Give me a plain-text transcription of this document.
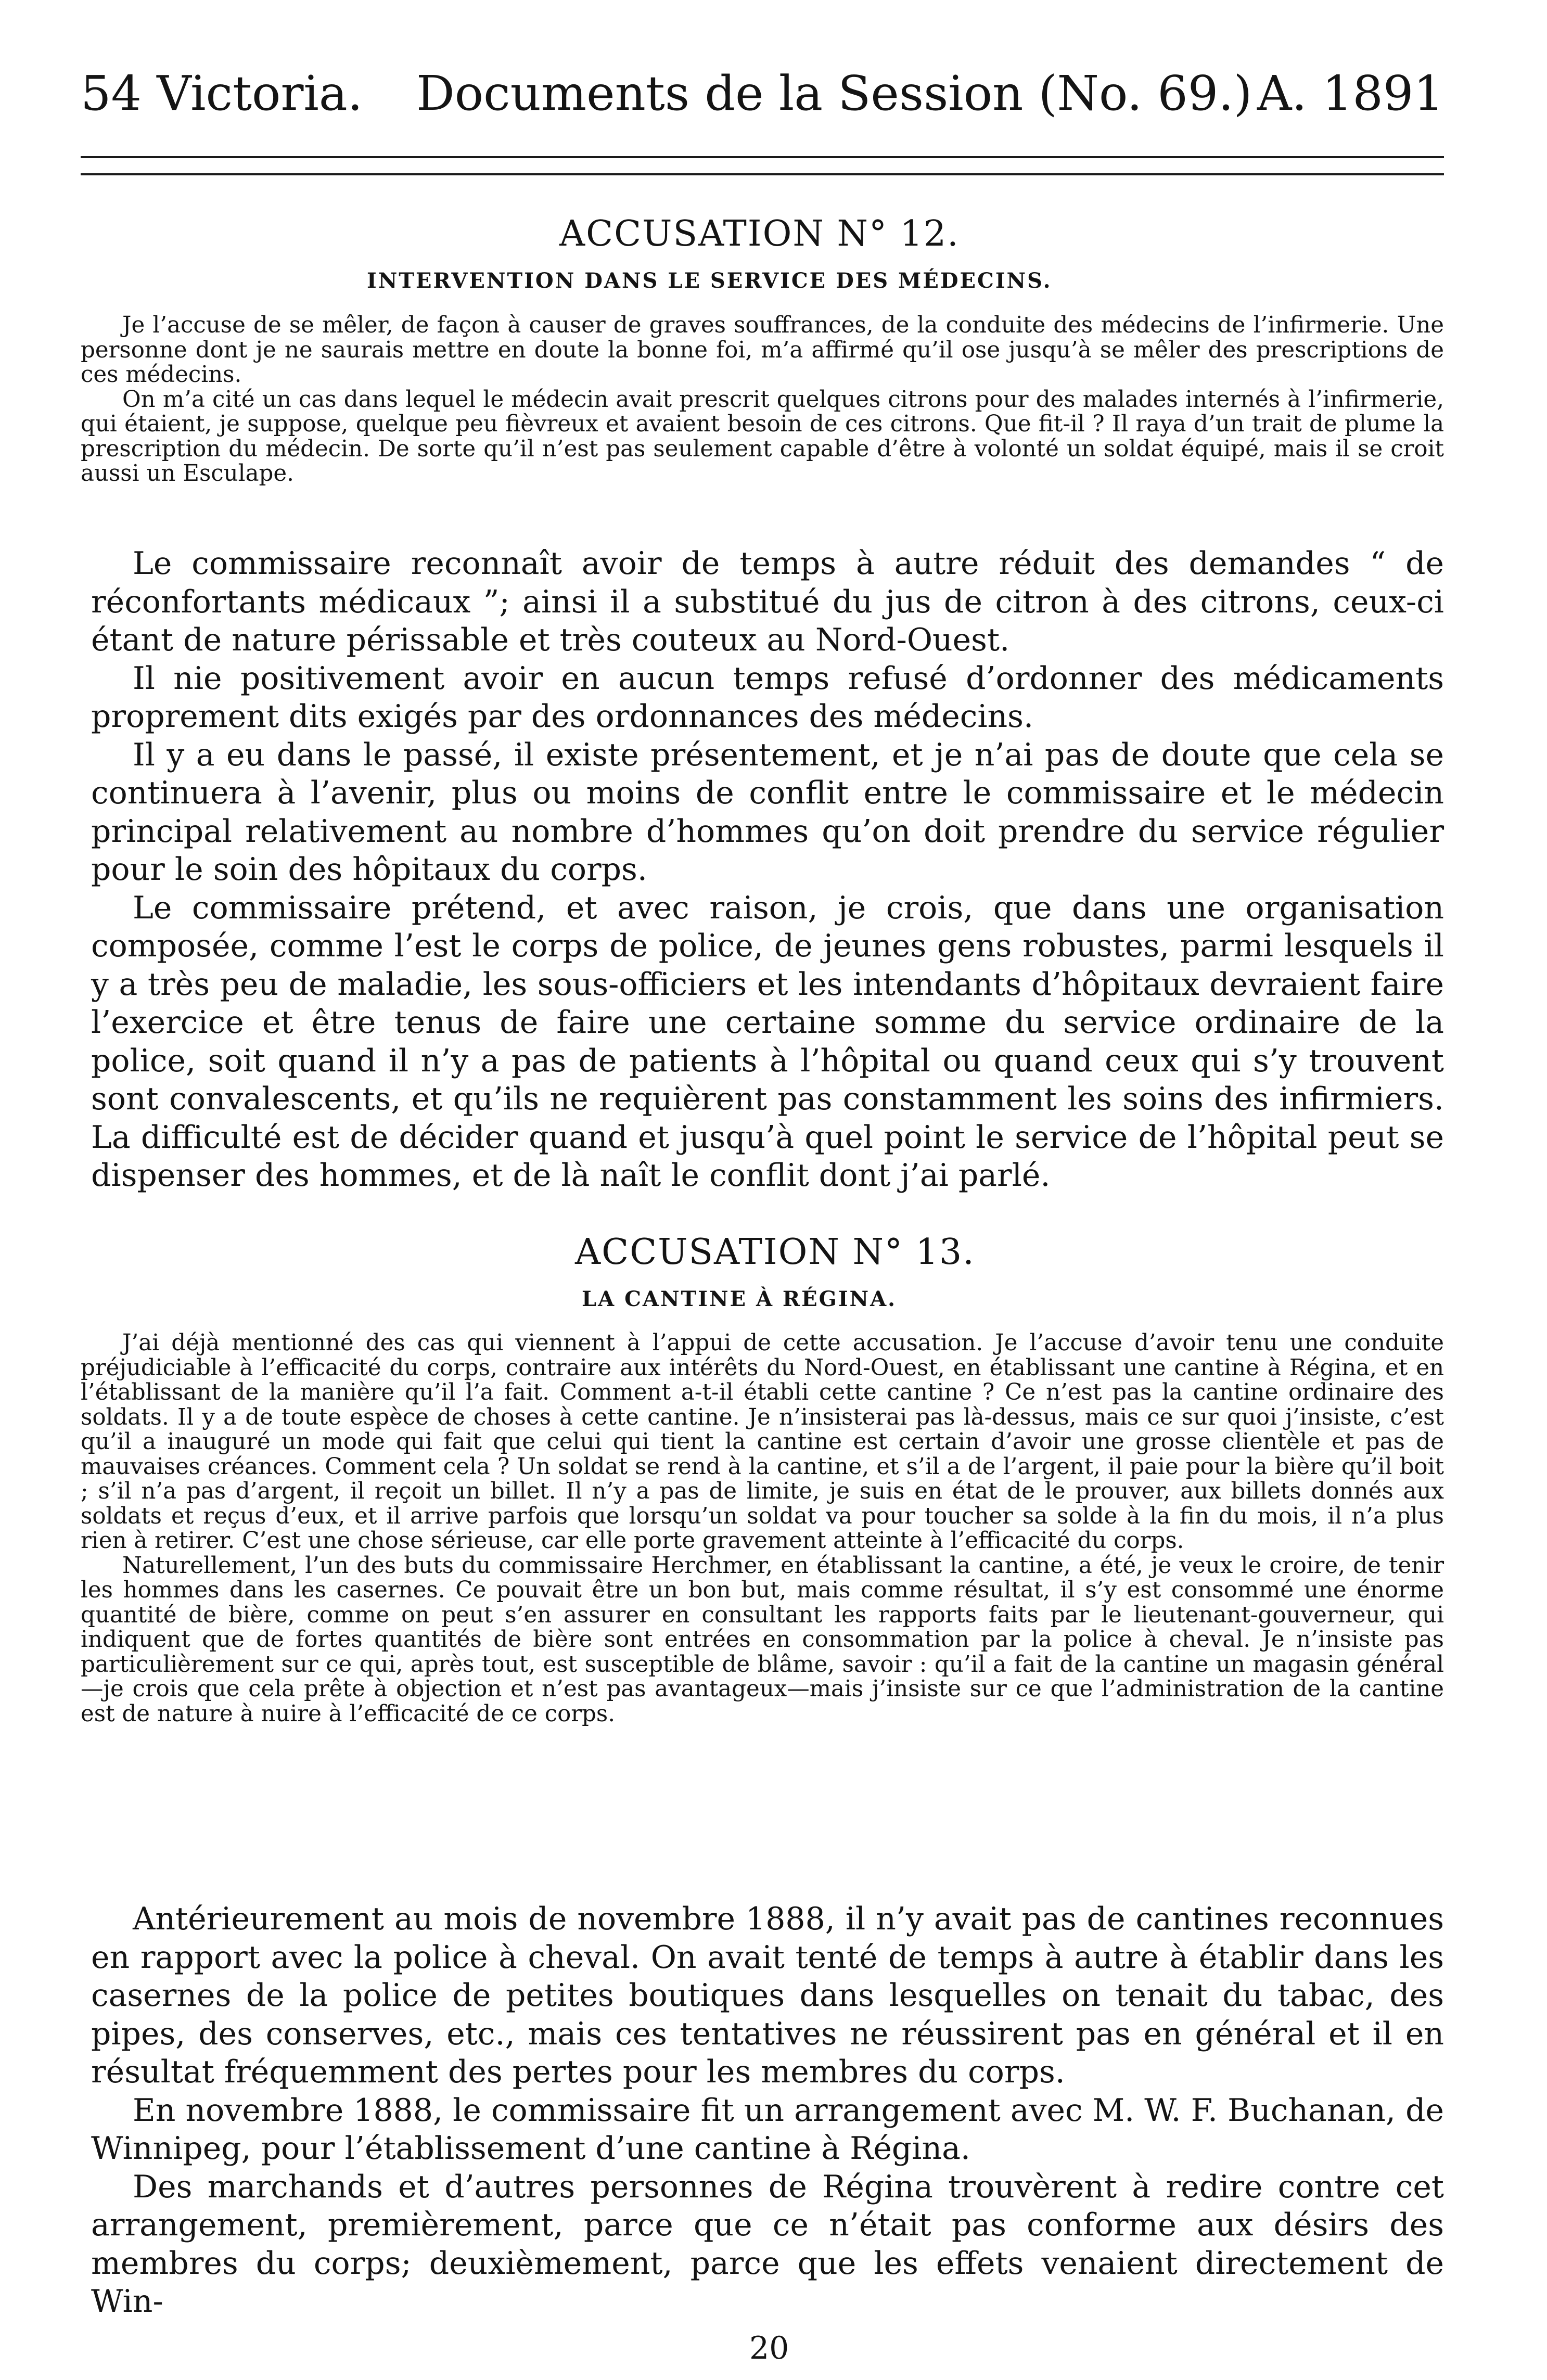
54 Victoria. Documents de la Session (No. 69.) A. 1891
ACCUSATION N° 12.
INTERVENTION DANS LE SERVICE DES MÉDECINS.

Je l’accuse de se mêler, de façon à causer de graves souffrances, de la conduite des médecins de l’infirmerie. Une personne dont je ne saurais mettre en doute la bonne foi, m’a affirmé qu’il ose jusqu’à se mêler des prescriptions de ces médecins.

On m’a cité un cas dans lequel le médecin avait prescrit quelques citrons pour des malades internés à l’infirmerie, qui étaient, je suppose, quelque peu fièvreux et avaient besoin de ces citrons. Que fit-il ? Il raya d’un trait de plume la prescription du médecin. De sorte qu’il n’est pas seulement capable d’être à volonté un soldat équipé, mais il se croit aussi un Esculape.

Le commissaire reconnaît avoir de temps à autre réduit des demandes “ de réconfortants médicaux ”; ainsi il a substitué du jus de citron à des citrons, ceux-ci étant de nature périssable et très couteux au Nord-Ouest.

Il nie positivement avoir en aucun temps refusé d’ordonner des médicaments proprement dits exigés par des ordonnances des médecins.

Il y a eu dans le passé, il existe présentement, et je n’ai pas de doute que cela se continuera à l’avenir, plus ou moins de conflit entre le commissaire et le médecin principal relativement au nombre d’hommes qu’on doit prendre du service régulier pour le soin des hôpitaux du corps.

Le commissaire prétend, et avec raison, je crois, que dans une organisation composée, comme l’est le corps de police, de jeunes gens robustes, parmi lesquels il y a très peu de maladie, les sous-officiers et les intendants d’hôpitaux devraient faire l’exercice et être tenus de faire une certaine somme du service ordinaire de la police, soit quand il n’y a pas de patients à l’hôpital ou quand ceux qui s’y trouvent sont convalescents, et qu’ils ne requièrent pas constamment les soins des infirmiers. La difficulté est de décider quand et jusqu’à quel point le service de l’hôpital peut se dispenser des hommes, et de là naît le conflit dont j’ai parlé.

ACCUSATION N° 13.
LA CANTINE À RÉGINA.

J’ai déjà mentionné des cas qui viennent à l’appui de cette accusation. Je l’accuse d’avoir tenu une conduite préjudiciable à l’efficacité du corps, contraire aux intérêts du Nord-Ouest, en établissant une cantine à Régina, et en l’établissant de la manière qu’il l’a fait. Comment a-t-il établi cette cantine ? Ce n’est pas la cantine ordinaire des soldats. Il y a de toute espèce de choses à cette cantine. Je n’insisterai pas là-dessus, mais ce sur quoi j’insiste, c’est qu’il a inauguré un mode qui fait que celui qui tient la cantine est certain d’avoir une grosse clientèle et pas de mauvaises créances. Comment cela ? Un soldat se rend à la cantine, et s’il a de l’argent, il paie pour la bière qu’il boit ; s’il n’a pas d’argent, il reçoit un billet. Il n’y a pas de limite, je suis en état de le prouver, aux billets donnés aux soldats et reçus d’eux, et il arrive parfois que lorsqu’un soldat va pour toucher sa solde à la fin du mois, il n’a plus rien à retirer. C’est une chose sérieuse, car elle porte gravement atteinte à l’efficacité du corps.

Naturellement, l’un des buts du commissaire Herchmer, en établissant la cantine, a été, je veux le croire, de tenir les hommes dans les casernes. Ce pouvait être un bon but, mais comme résultat, il s’y est consommé une énorme quantité de bière, comme on peut s’en assurer en consultant les rapports faits par le lieutenant-gouverneur, qui indiquent que de fortes quantités de bière sont entrées en consommation par la police à cheval. Je n’insiste pas particulièrement sur ce qui, après tout, est susceptible de blâme, savoir : qu’il a fait de la cantine un magasin général—je crois que cela prête à objection et n’est pas avantageux—mais j’insiste sur ce que l’administration de la cantine est de nature à nuire à l’efficacité de ce corps.

Antérieurement au mois de novembre 1888, il n’y avait pas de cantines reconnues en rapport avec la police à cheval. On avait tenté de temps à autre à établir dans les casernes de la police de petites boutiques dans lesquelles on tenait du tabac, des pipes, des conserves, etc., mais ces tentatives ne réussirent pas en général et il en résultat fréquemment des pertes pour les membres du corps.

En novembre 1888, le commissaire fit un arrangement avec M. W. F. Buchanan, de Winnipeg, pour l’établissement d’une cantine à Régina.

Des marchands et d’autres personnes de Régina trouvèrent à redire contre cet arrangement, premièrement, parce que ce n’était pas conforme aux désirs des membres du corps; deuxièmement, parce que les effets venaient directement de Win-

20
